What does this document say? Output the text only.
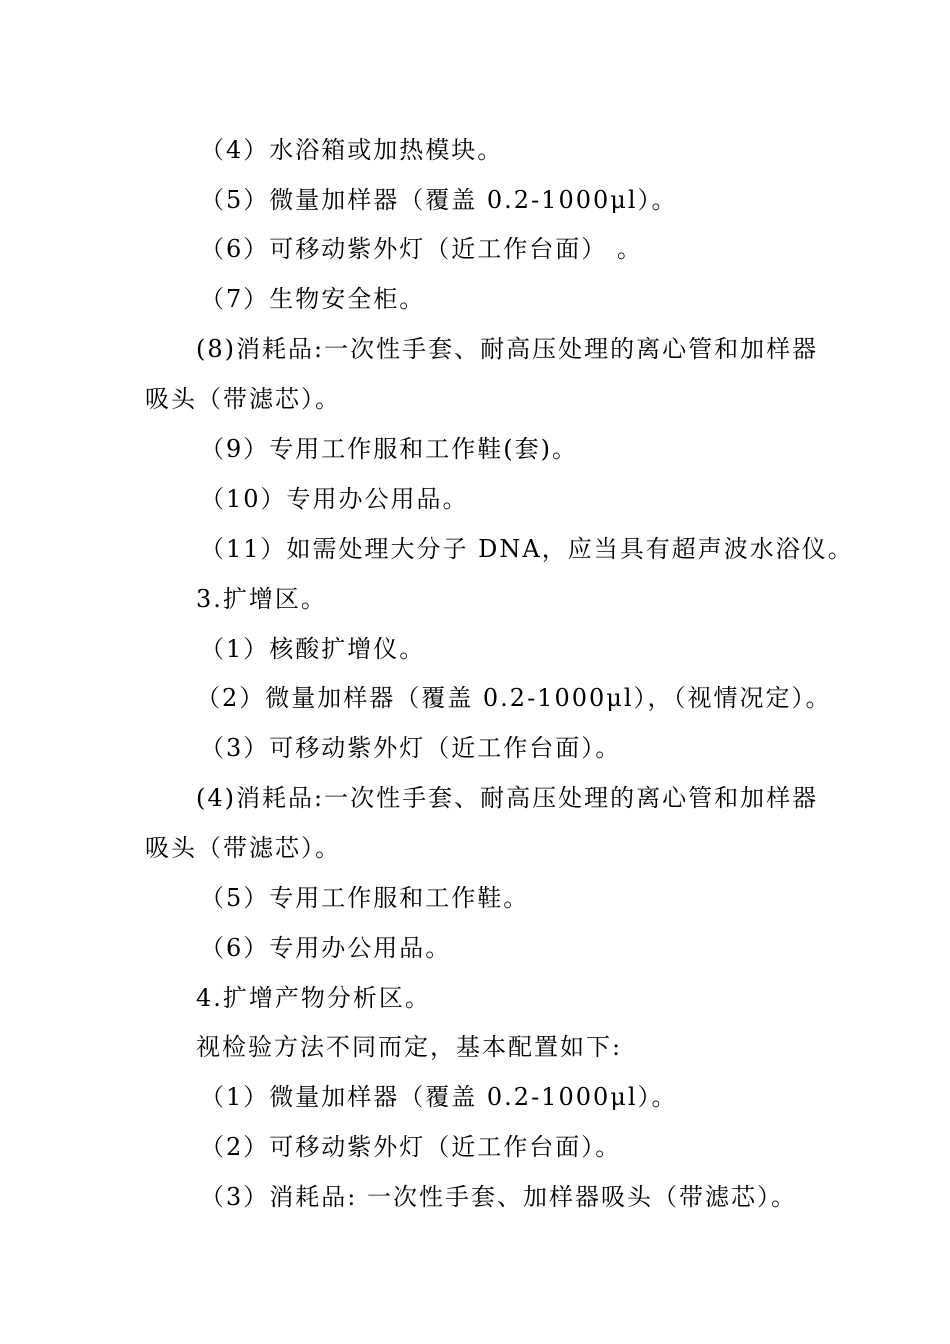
（4）水浴箱或加热模块。
（5）微量加样器（覆盖 0.2-1000μl）。
（6）可移动紫外灯（近工作台面） 。
（7）生物安全柜。
(8)消耗品:一次性手套、耐高压处理的离心管和加样器
吸头（带滤芯）。
（9）专用工作服和工作鞋(套)。
（10）专用办公用品。
（11）如需处理大分子 DNA，应当具有超声波水浴仪。
3.扩增区。
（1）核酸扩增仪。
（2）微量加样器（覆盖 0.2-1000μl），（视情况定）。
（3）可移动紫外灯（近工作台面）。
(4)消耗品:一次性手套、耐高压处理的离心管和加样器
吸头（带滤芯）。
（5）专用工作服和工作鞋。
（6）专用办公用品。
4.扩增产物分析区。
视检验方法不同而定，基本配置如下:
（1）微量加样器（覆盖 0.2-1000μl）。
（2）可移动紫外灯（近工作台面）。
（3）消耗品: 一次性手套、加样器吸头（带滤芯）。
